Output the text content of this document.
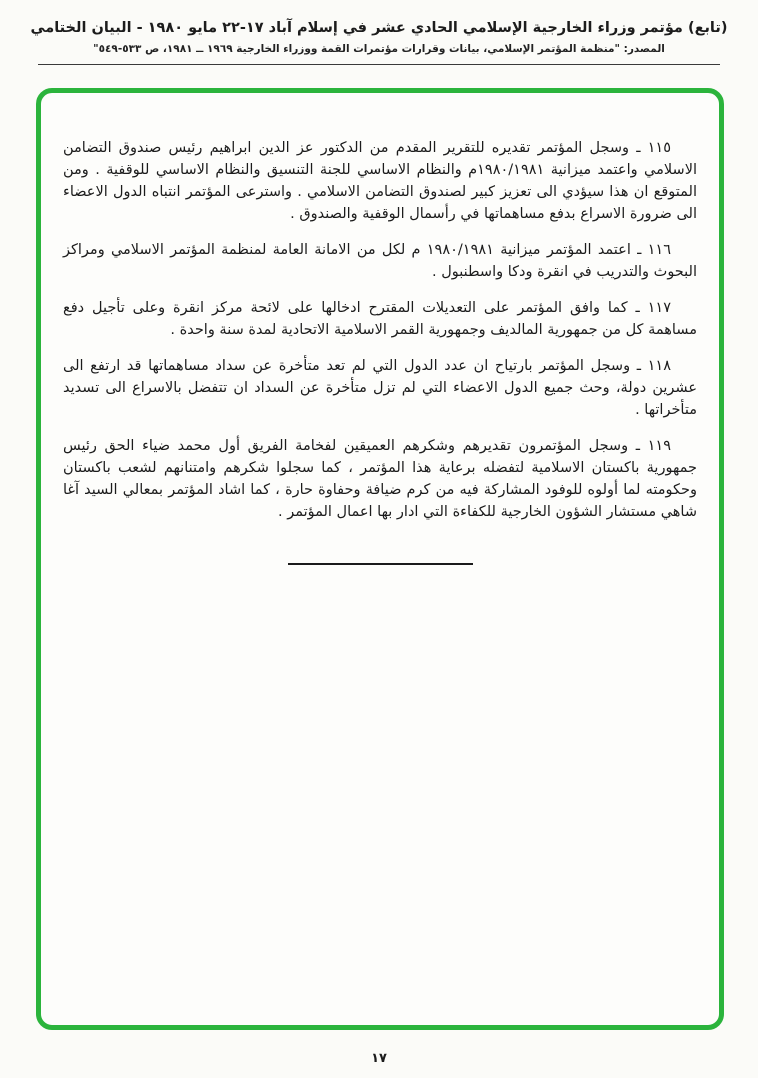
(تابع) مؤتمر وزراء الخارجية الإسلامي الحادي عشر في إسلام آباد ١٧-٢٢ مايو ١٩٨٠ - البيان الختامي
المصدر: "منظمة المؤتمر الإسلامي، بيانات وقرارات مؤتمرات القمة ووزراء الخارجية ١٩٦٩ ــ ١٩٨١، ص ٥٣٣-٥٤٩"

١١٥ ـ وسجل المؤتمر تقديره للتقرير المقدم من الدكتور عز الدين ابراهيم رئيس صندوق التضامن الاسلامي واعتمد ميزانية ١٩٨٠/١٩٨١م والنظام الاساسي للجنة التنسيق والنظام الاساسي للوقفية . ومن المتوقع ان هذا سيؤدي الى تعزيز كبير لصندوق التضامن الاسلامي . واسترعى المؤتمر انتباه الدول الاعضاء الى ضرورة الاسراع بدفع مساهماتها في رأسمال الوقفية والصندوق .

١١٦ ـ اعتمد المؤتمر ميزانية ١٩٨٠/١٩٨١ م لكل من الامانة العامة لمنظمة المؤتمر الاسلامي ومراكز البحوث والتدريب في انقرة ودكا واسطنبول .

١١٧ ـ كما وافق المؤتمر على التعديلات المقترح ادخالها على لائحة مركز انقرة وعلى تأجيل دفع مساهمة كل من جمهورية المالديف وجمهورية القمر الاسلامية الاتحادية لمدة سنة واحدة .

١١٨ ـ وسجل المؤتمر بارتياح ان عدد الدول التي لم تعد متأخرة عن سداد مساهماتها قد ارتفع الى عشرين دولة، وحث جميع الدول الاعضاء التي لم تزل متأخرة عن السداد ان تتفضل بالاسراع الى تسديد متأخراتها .

١١٩ ـ وسجل المؤتمرون تقديرهم وشكرهم العميقين لفخامة الفريق أول محمد ضياء الحق رئيس جمهورية باكستان الاسلامية لتفضله برعاية هذا المؤتمر ، كما سجلوا شكرهم وامتنانهم لشعب باكستان وحكومته لما أولوه للوفود المشاركة فيه من كرم ضيافة وحفاوة حارة ، كما اشاد المؤتمر بمعالي السيد آغا شاهي مستشار الشؤون الخارجية للكفاءة التي ادار بها اعمال المؤتمر .

١٧
